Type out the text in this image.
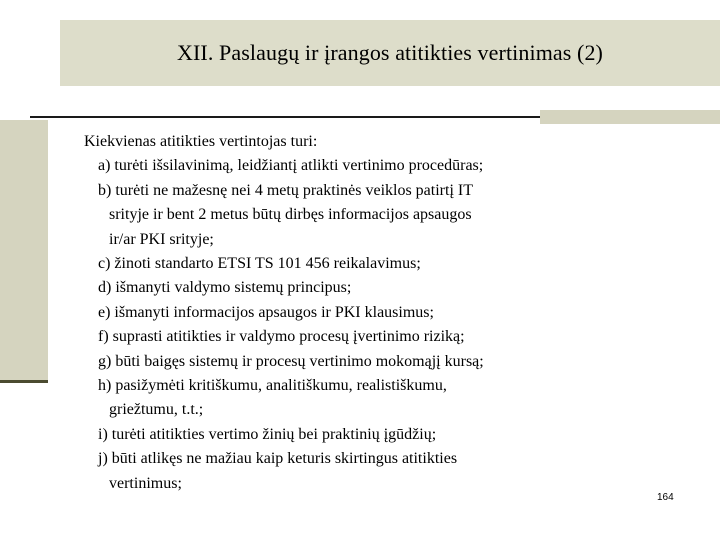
XII. Paslaugų ir įrangos atitikties vertinimas (2)
Kiekvienas atitikties vertintojas turi:
a) turėti išsilavinimą, leidžiantį atlikti vertinimo procedūras;
b) turėti ne mažesnę nei 4 metų praktinės veiklos patirtį IT
srityje ir bent 2 metus būtų dirbęs informacijos apsaugos
ir/ar PKI srityje;
c) žinoti standarto ETSI TS 101 456 reikalavimus;
d) išmanyti valdymo sistemų principus;
e) išmanyti informacijos apsaugos ir PKI klausimus;
f) suprasti atitikties ir valdymo procesų įvertinimo riziką;
g) būti baigęs sistemų ir procesų vertinimo mokomąjį kursą;
h) pasižymėti kritiškumu, analitiškumu, realistiškumu,
griežtumu, t.t.;
i) turėti atitikties vertimo žinių bei praktinių įgūdžių;
j) būti atlikęs ne mažiau kaip keturis skirtingus atitikties
vertinimus;
164
